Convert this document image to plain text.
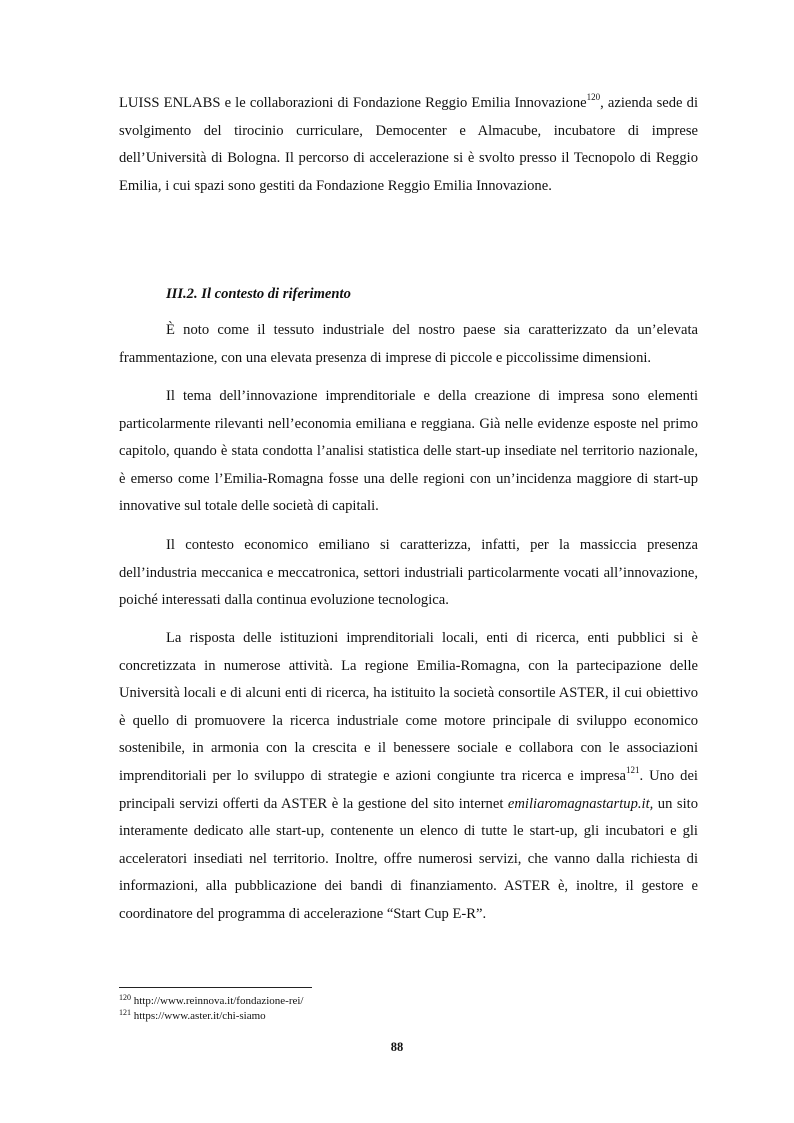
LUISS ENLABS e le collaborazioni di Fondazione Reggio Emilia Innovazione$^{120}$, azienda sede di svolgimento del tirocinio curriculare, Democenter e Almacube, incubatore di imprese dell’Università di Bologna. Il percorso di accelerazione si è svolto presso il Tecnopolo di Reggio Emilia, i cui spazi sono gestiti da Fondazione Reggio Emilia Innovazione.

III.2. Il contesto di riferimento

È noto come il tessuto industriale del nostro paese sia caratterizzato da un’elevata frammentazione, con una elevata presenza di imprese di piccole e piccolissime dimensioni.

Il tema dell’innovazione imprenditoriale e della creazione di impresa sono elementi particolarmente rilevanti nell’economia emiliana e reggiana. Già nelle evidenze esposte nel primo capitolo, quando è stata condotta l’analisi statistica delle start-up insediate nel territorio nazionale, è emerso come l’Emilia-Romagna fosse una delle regioni con un’incidenza maggiore di start-up innovative sul totale delle società di capitali.

Il contesto economico emiliano si caratterizza, infatti, per la massiccia presenza dell’industria meccanica e meccatronica, settori industriali particolarmente vocati all’innovazione, poiché interessati dalla continua evoluzione tecnologica.

La risposta delle istituzioni imprenditoriali locali, enti di ricerca, enti pubblici si è concretizzata in numerose attività. La regione Emilia-Romagna, con la partecipazione delle Università locali e di alcuni enti di ricerca, ha istituito la società consortile ASTER, il cui obiettivo è quello di promuovere la ricerca industriale come motore principale di sviluppo economico sostenibile, in armonia con la crescita e il benessere sociale e collabora con le associazioni imprenditoriali per lo sviluppo di strategie e azioni congiunte tra ricerca e impresa$^{121}$. Uno dei principali servizi offerti da ASTER è la gestione del sito internet emiliaromagnastartup.it, un sito interamente dedicato alle start-up, contenente un elenco di tutte le start-up, gli incubatori e gli acceleratori insediati nel territorio. Inoltre, offre numerosi servizi, che vanno dalla richiesta di informazioni, alla pubblicazione dei bandi di finanziamento. ASTER è, inoltre, il gestore e coordinatore del programma di accelerazione “Start Cup E-R”.

$^{120}$ http://www.reinnova.it/fondazione-rei/
$^{121}$ https://www.aster.it/chi-siamo
88
